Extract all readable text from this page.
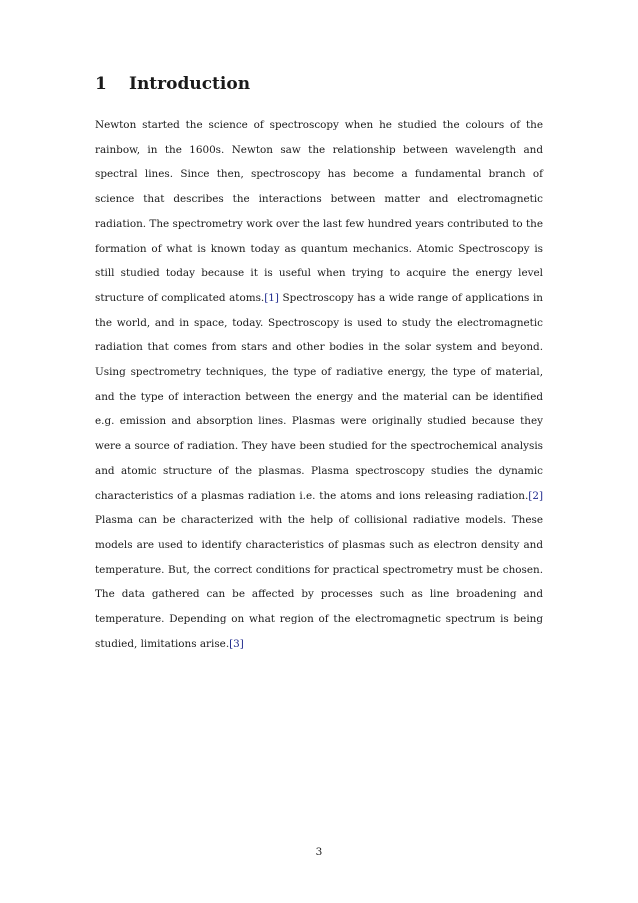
1 Introduction

Newton started the science of spectroscopy when he studied the colours of the rainbow, in the 1600s. Newton saw the relationship between wavelength and spectral lines. Since then, spectroscopy has become a fundamental branch of science that describes the interactions between matter and electromagnetic radiation. The spectrometry work over the last few hundred years contributed to the formation of what is known today as quantum mechanics. Atomic Spectroscopy is still studied today because it is useful when trying to acquire the energy level structure of complicated atoms.[1] Spectroscopy has a wide range of applications in the world, and in space, today. Spectroscopy is used to study the electromagnetic radiation that comes from stars and other bodies in the solar system and beyond. Using spectrometry techniques, the type of radiative energy, the type of material, and the type of interaction between the energy and the material can be identified e.g. emission and absorption lines. Plasmas were originally studied because they were a source of radiation. They have been studied for the spectrochemical analysis and atomic structure of the plasmas. Plasma spectroscopy studies the dynamic characteristics of a plasmas radiation i.e. the atoms and ions releasing radiation.[2] Plasma can be characterized with the help of collisional radiative models. These models are used to identify characteristics of plasmas such as electron density and temperature. But, the correct conditions for practical spectrometry must be chosen. The data gathered can be affected by processes such as line broadening and temperature. Depending on what region of the electromagnetic spectrum is being studied, limitations arise.[3]

3
